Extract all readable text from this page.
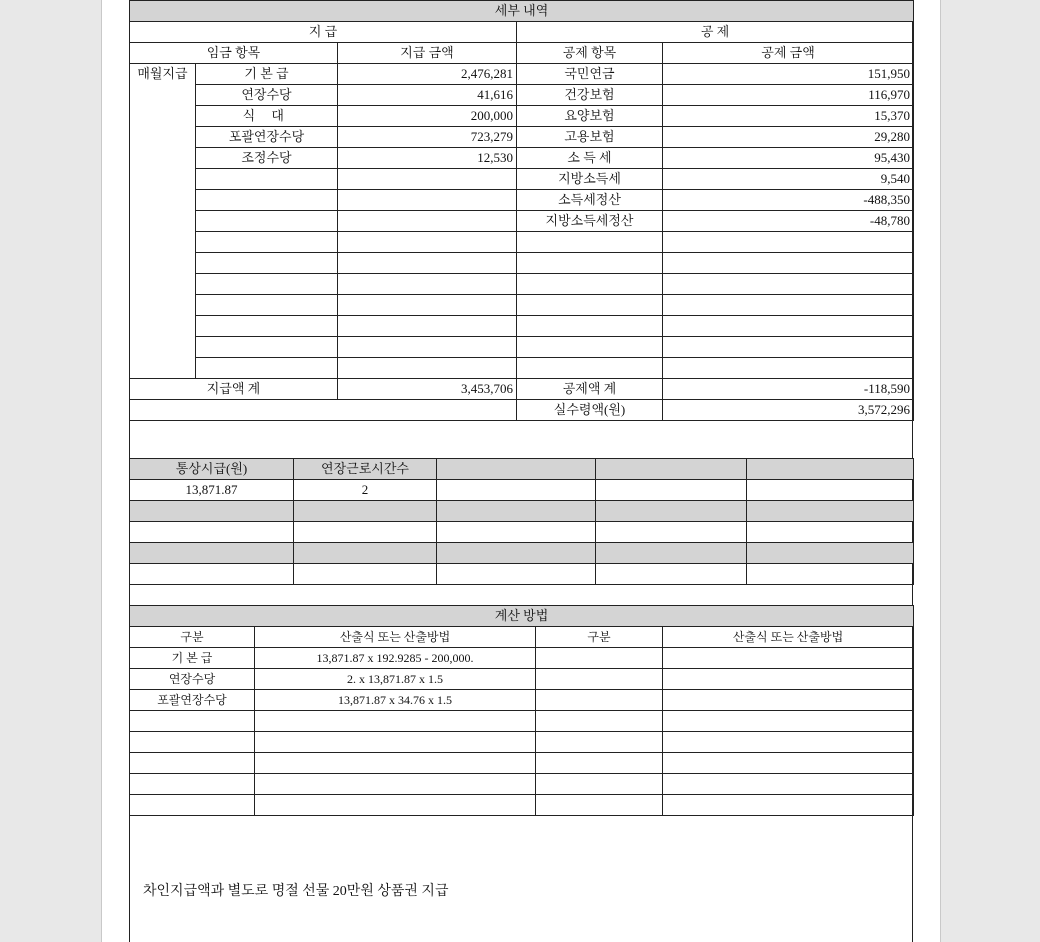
세부 내역				
지 급			공 제	
임금 항목		지급 금액	공제 항목	공제 금액
매월지급	기 본 급	2,476,281	국민연금	151,950
	연장수당	41,616	건강보험	116,970
	식 대	200,000	요양보험	15,370
	포괄연장수당	723,279	고용보험	29,280
	조정수당	12,530	소 득 세	95,430
			지방소득세	9,540
			소득세정산	-488,350
			지방소득세정산	-48,780

지급액 계		3,453,706	공제액 계	-118,590
			실수령액(원)	3,572,296
통상시급(원)	연장근로시간수			
13,871.87	2			

계산 방법			
구분	산출식 또는 산출방법	구분	산출식 또는 산출방법
기 본 급	13,871.87 x 192.9285 - 200,000.		
연장수당	2. x 13,871.87 x 1.5		
포괄연장수당	13,871.87 x 34.76 x 1.5		

차인지급액과 별도로 명절 선물 20만원 상품권 지급
